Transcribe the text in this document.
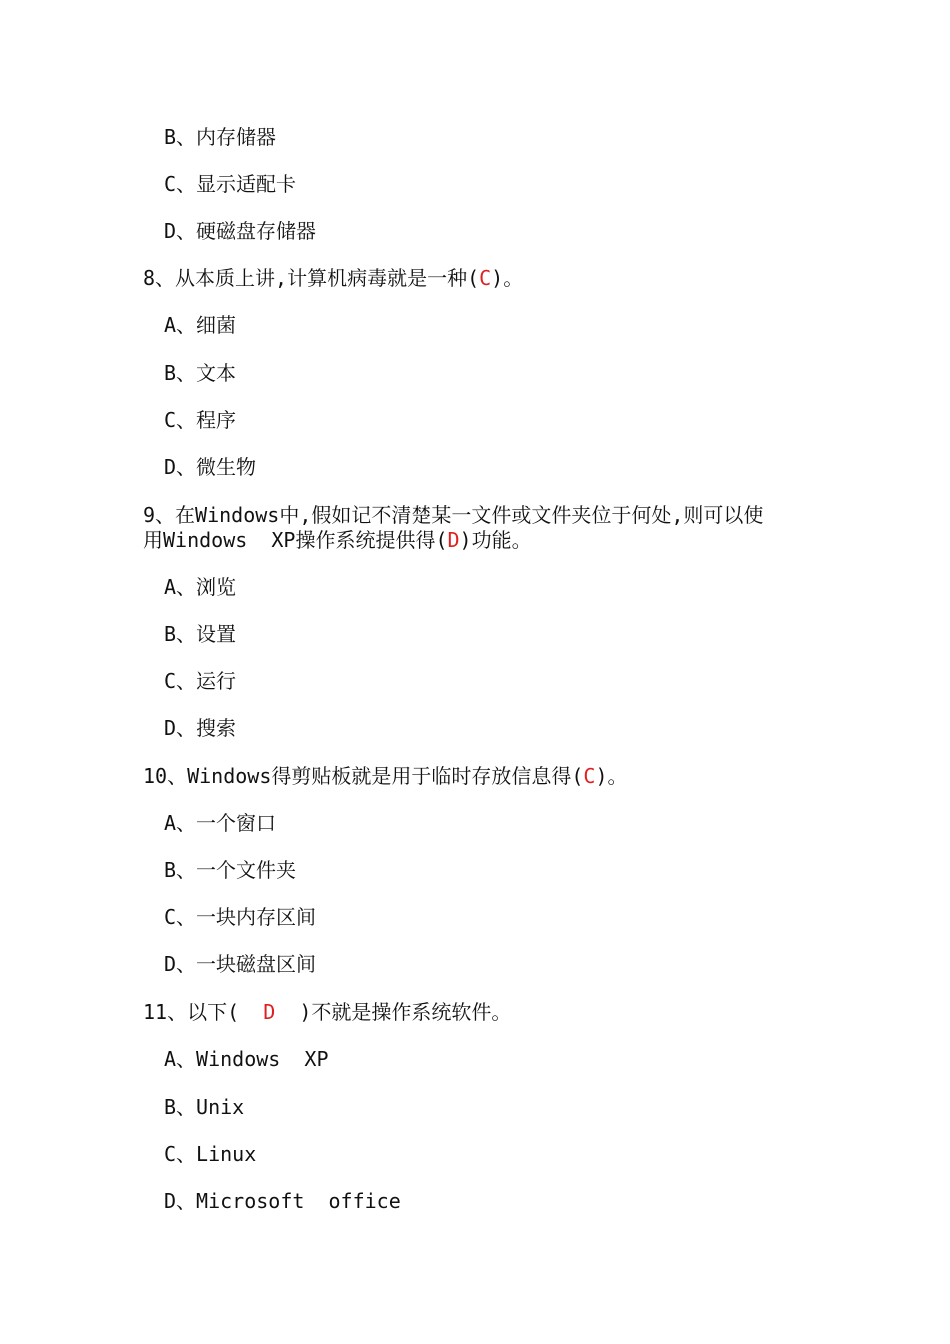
B、内存储器
C、显示适配卡
D、硬磁盘存储器
8、从本质上讲,计算机病毒就是一种(C)。
A、细菌
B、文本
C、程序
D、微生物
9、在Windows中,假如记不清楚某一文件或文件夹位于何处,则可以使
用Windows  XP操作系统提供得(D)功能。
A、浏览
B、设置
C、运行
D、搜索
10、Windows得剪贴板就是用于临时存放信息得(C)。
A、一个窗口
B、一个文件夹
C、一块内存区间
D、一块磁盘区间
11、以下(  D  )不就是操作系统软件。
A、Windows  XP
B、Unix
C、Linux
D、Microsoft  office
